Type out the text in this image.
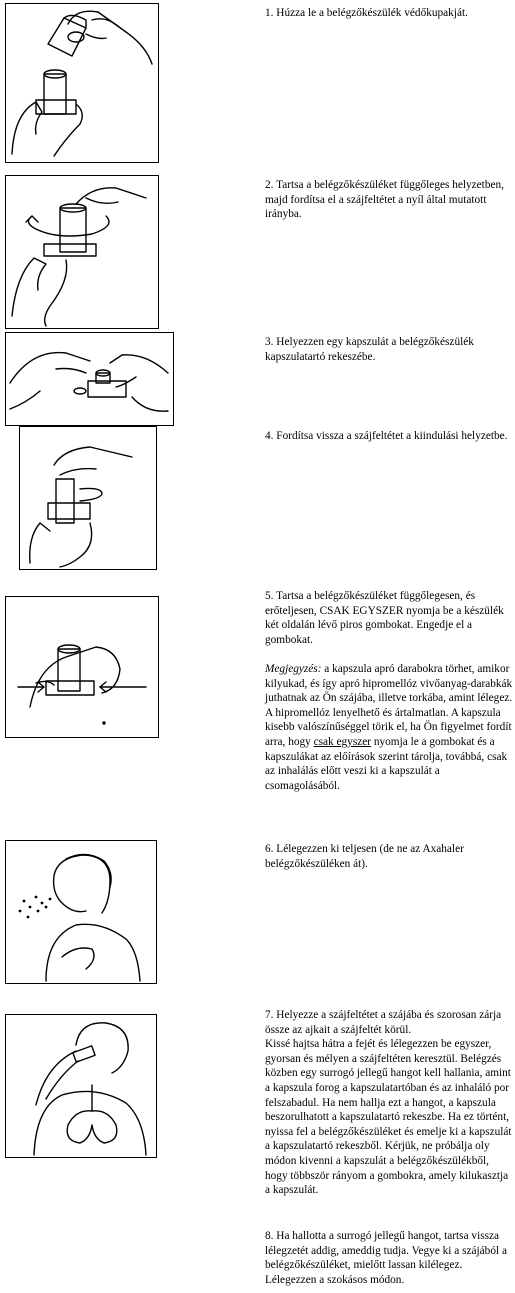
1. Húzza le a belégzőkészülék védőkupakját.
2. Tartsa a belégzőkészüléket függőleges helyzetben, majd fordítsa el a szájfeltétet a nyíl által mutatott irányba.
3. Helyezzen egy kapszulát a belégzőkészülék kapszulatartó rekeszébe.
4. Fordítsa vissza a szájfeltétet a kiindulási helyzetbe.

5. Tartsa a belégzőkészüléket függőlegesen, és erőteljesen, CSAK EGYSZER nyomja be a készülék két oldalán lévő piros gombokat. Engedje el a gombokat.

Megjegyzés: a kapszula apró darabokra törhet, amikor kilyukad, és így apró hipromellóz vivőanyag-darabkák juthatnak az Ön szájába, illetve torkába, amint lélegez. A hipromellóz lenyelhető és ártalmatlan. A kapszula kisebb valószínűséggel törik el, ha Ön figyelmet fordít arra, hogy csak egyszer nyomja le a gombokat és a kapszulákat az előírások szerint tárolja, továbbá, csak az inhalálás előtt veszi ki a kapszulát a csomagolásából.

6. Lélegezzen ki teljesen (de ne az Axahaler belégzőkészüléken át).

7. Helyezze a szájfeltétet a szájába és szorosan zárja össze az ajkait a szájfeltét körül.

Kissé hajtsa hátra a fejét és lélegezzen be egyszer, gyorsan és mélyen a szájfeltéten keresztül. Belégzés közben egy surrogó jellegű hangot kell hallania, amint a kapszula forog a kapszulatartóban és az inhaláló por felszabadul. Ha nem hallja ezt a hangot, a kapszula beszorulhatott a kapszulatartó rekeszbe. Ha ez történt, nyissa fel a belégzőkészüléket és emelje ki a kapszulát a kapszulatartó rekeszből. Kérjük, ne próbálja oly módon kivenni a kapszulát a belégzőkészülékből, hogy többször rányom a gombokra, amely kilukasztja a kapszulát.

8. Ha hallotta a surrogó jellegű hangot, tartsa vissza lélegzetét addig, ameddig tudja. Vegye ki a szájából a belégzőkészüléket, mielőtt lassan kilélegez. Lélegezzen a szokásos módon.
